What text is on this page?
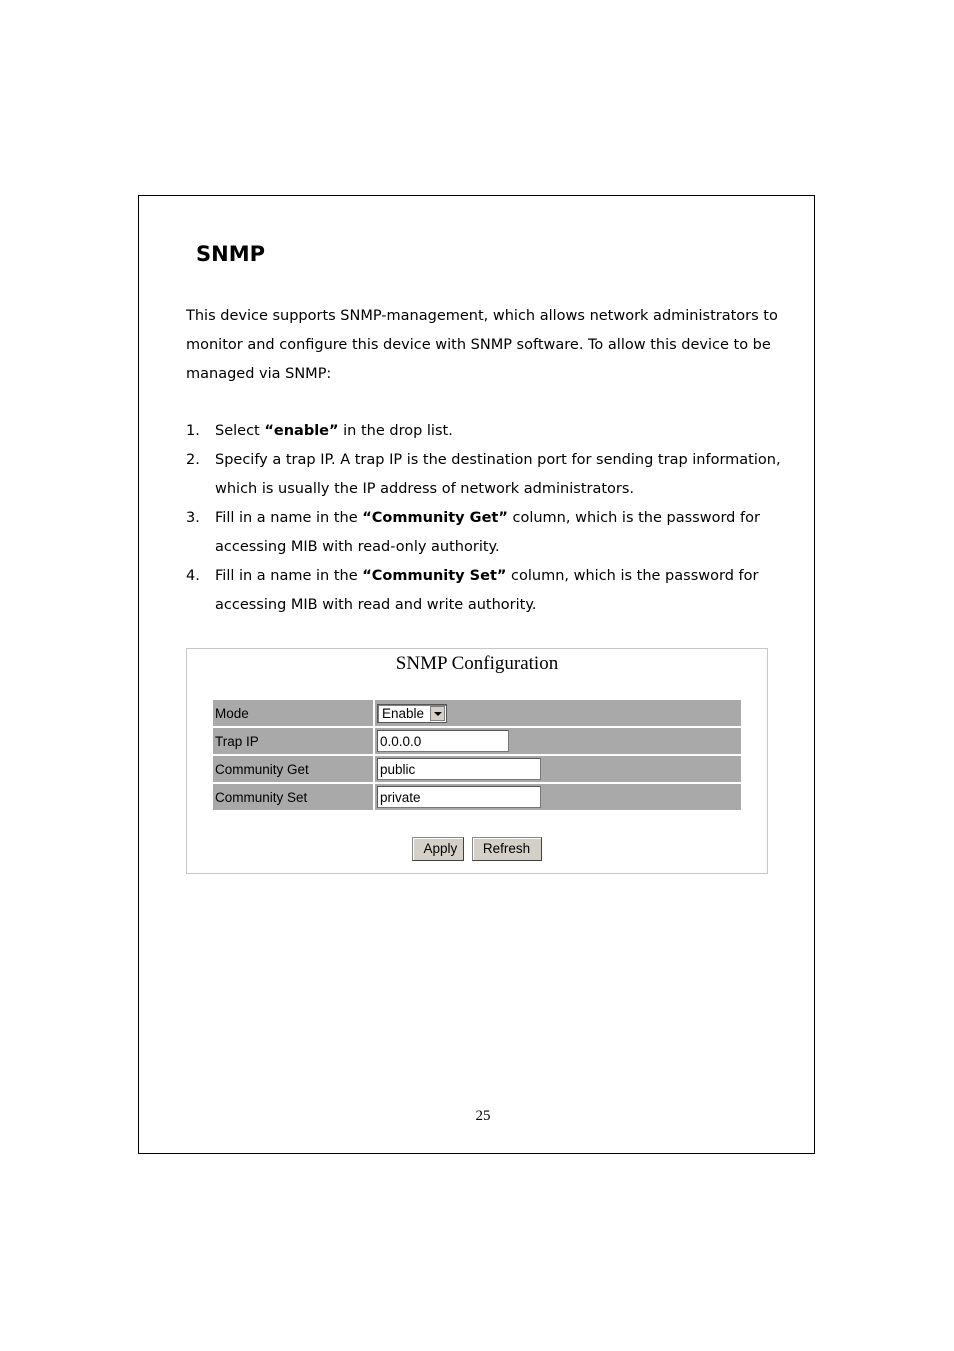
SNMP

This device supports SNMP-management, which allows network administrators to monitor and configure this device with SNMP software. To allow this device to be managed via SNMP:

1. Select “enable” in the drop list.
2. Specify a trap IP. A trap IP is the destination port for sending trap information, which is usually the IP address of network administrators.
3. Fill in a name in the “Community Get” column, which is the password for accessing MIB with read-only authority.
4. Fill in a name in the “Community Set” column, which is the password for accessing MIB with read and write authority.
SNMP Configuration
Mode	Enable

Trap IP	0.0.0.0
Community Get	public
Community Set	private
Apply Refresh
25
